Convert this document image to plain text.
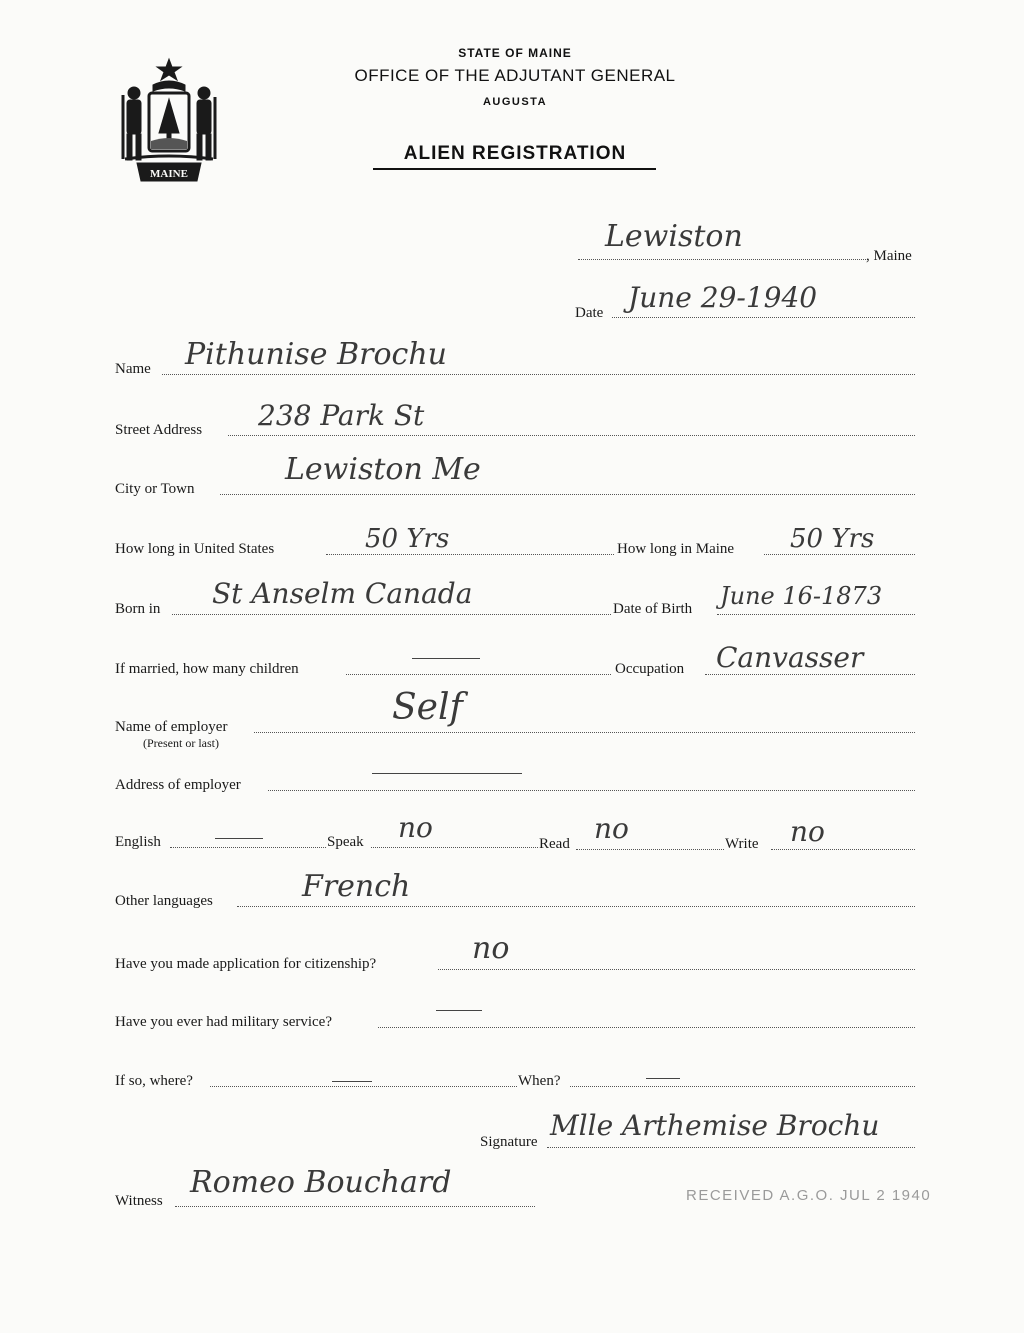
MAINE
STATE OF MAINE
OFFICE OF THE ADJUTANT GENERAL
AUGUSTA
ALIEN REGISTRATION
Lewiston
, Maine
Date June 29-1940
Name Pithunise Brochu
Street Address 238 Park St
City or Town
Lewiston Me
How long in United States	50 Yrs	How long in Maine 50 Yrs
Born in St Anselm Canada	Date of Birth June 16-1873
If married, how many children	Occupation Canvasser
Name of employer
(Present or last)
Self
Address of employer
English	Speak no	Read no	Write no
Other languages	French
Have you made application for citizenship?	no
Have you ever had military service?
If so, where?	When?
Signature Mlle Arthemise Brochu
Witness
Romeo Bouchard	RECEIVED A.G.O. JUL 2 1940
